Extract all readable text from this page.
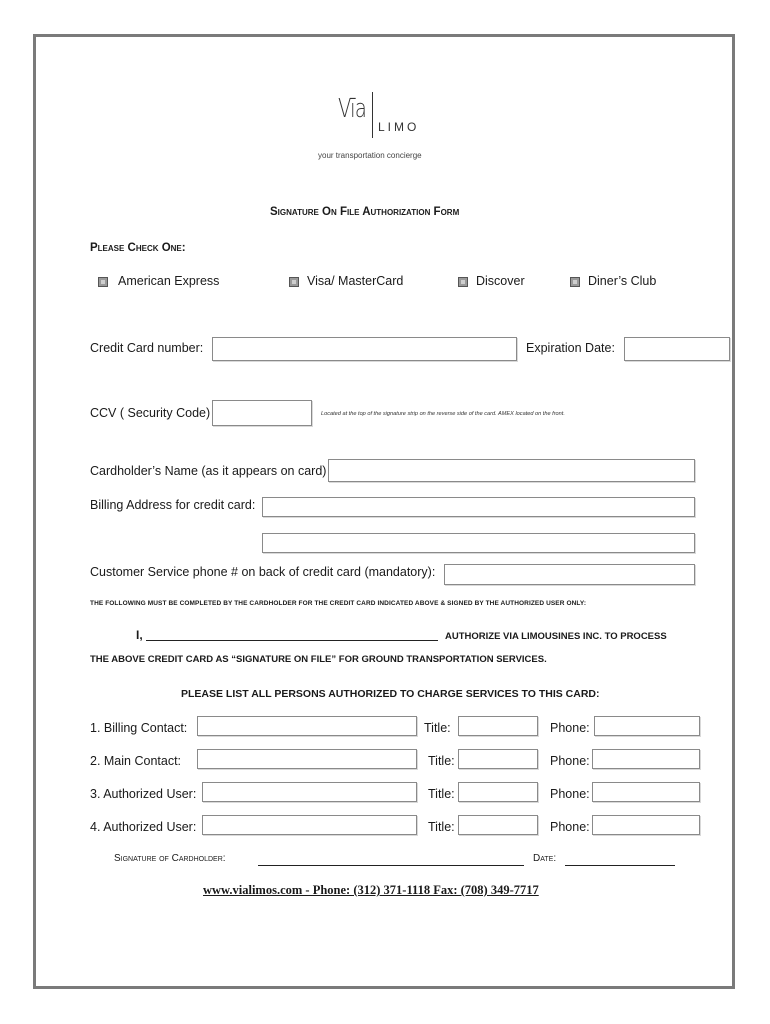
Vīa
LIMO
your transportation concierge
Signature On File Authorization Form
Please Check One:
American Express	Visa/ MasterCard	Discover	Diner’s Club
Credit Card number:	Expiration Date:
CCV ( Security Code)	Located at the top of the signature strip on the reverse side of the card. AMEX located on the front.
Cardholder’s Name (as it appears on card)
Billing Address for credit card:
Customer Service phone # on back of credit card (mandatory):
THE FOLLOWING MUST BE COMPLETED BY THE CARDHOLDER FOR THE CREDIT CARD INDICATED ABOVE & SIGNED BY THE AUTHORIZED USER ONLY:
I,	AUTHORIZE VIA LIMOUSINES INC. TO PROCESS
THE ABOVE CREDIT CARD AS “SIGNATURE ON FILE” FOR GROUND TRANSPORTATION SERVICES.
PLEASE LIST ALL PERSONS AUTHORIZED TO CHARGE SERVICES TO THIS CARD:
1. Billing Contact:	Title:	Phone:
2. Main Contact:	Title:	Phone:
3. Authorized User:	Title:	Phone:
4. Authorized User:	Title:	Phone:
Signature of Cardholder:	Date:
www.vialimos.com - Phone: (312) 371-1118 Fax: (708) 349-7717
